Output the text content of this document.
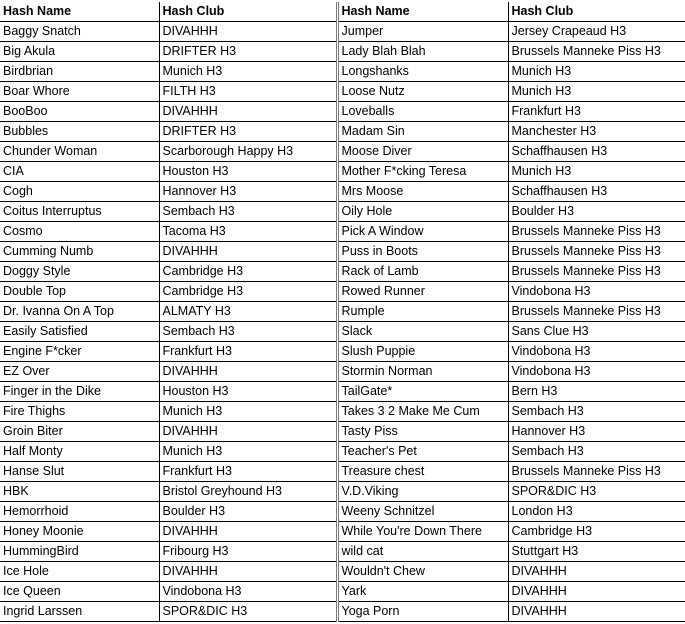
Hash Name	Hash Club	Hash Name	Hash Club
Baggy Snatch	DIVAHHH	Jumper	Jersey Crapeaud H3
Big Akula	DRIFTER H3	Lady Blah Blah	Brussels Manneke Piss H3
Birdbrian	Munich H3	Longshanks	Munich H3
Boar Whore	FILTH H3	Loose Nutz	Munich H3
BooBoo	DIVAHHH	Loveballs	Frankfurt H3
Bubbles	DRIFTER H3	Madam Sin	Manchester H3
Chunder Woman	Scarborough Happy H3	Moose Diver	Schaffhausen H3
CIA	Houston H3	Mother F*cking Teresa	Munich H3
Cogh	Hannover H3	Mrs Moose	Schaffhausen H3
Coitus Interruptus	Sembach H3	Oily Hole	Boulder H3
Cosmo	Tacoma H3	Pick A Window	Brussels Manneke Piss H3
Cumming Numb	DIVAHHH	Puss in Boots	Brussels Manneke Piss H3
Doggy Style	Cambridge H3	Rack of Lamb	Brussels Manneke Piss H3
Double Top	Cambridge H3	Rowed Runner	Vindobona H3
Dr. Ivanna On A Top	ALMATY H3	Rumple	Brussels Manneke Piss H3
Easily Satisfied	Sembach H3	Slack	Sans Clue H3
Engine F*cker	Frankfurt H3	Slush Puppie	Vindobona H3
EZ Over	DIVAHHH	Stormin Norman	Vindobona H3
Finger in the Dike	Houston H3	TailGate*	Bern H3
Fire Thighs	Munich H3	Takes 3 2 Make Me Cum	Sembach H3
Groin Biter	DIVAHHH	Tasty Piss	Hannover H3
Half Monty	Munich H3	Teacher's Pet	Sembach H3
Hanse Slut	Frankfurt H3	Treasure chest	Brussels Manneke Piss H3
HBK	Bristol Greyhound H3	V.D.Viking	SPOR&DIC H3
Hemorrhoid	Boulder H3	Weeny Schnitzel	London H3
Honey Moonie	DIVAHHH	While You're Down There	Cambridge H3
HummingBird	Fribourg H3	wild cat	Stuttgart H3
Ice Hole	DIVAHHH	Wouldn't Chew	DIVAHHH
Ice Queen	Vindobona H3	Yark	DIVAHHH
Ingrid Larssen	SPOR&DIC H3	Yoga Porn	DIVAHHH
